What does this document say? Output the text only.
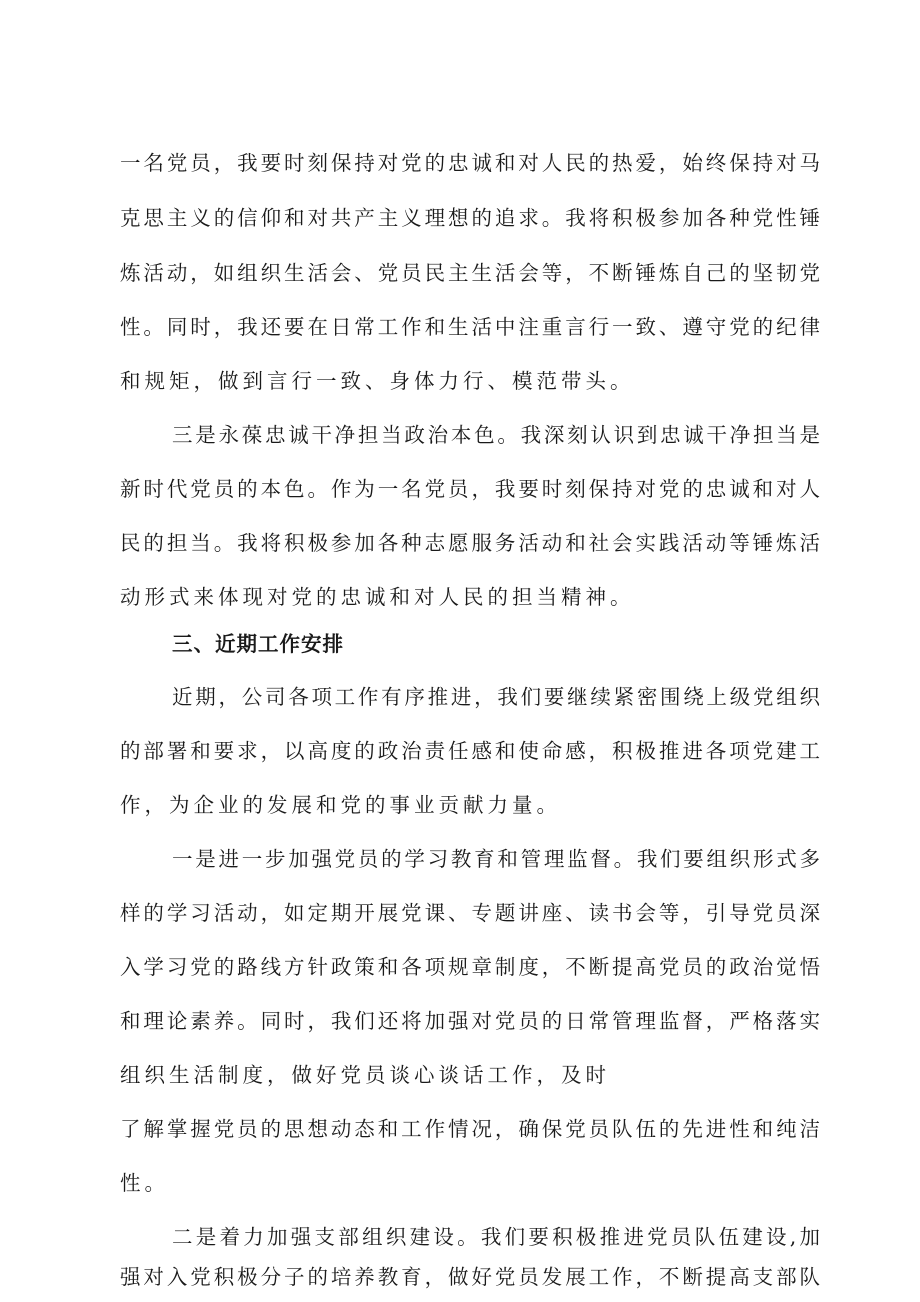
一名党员，我要时刻保持对党的忠诚和对人民的热爱，始终保持对马
克思主义的信仰和对共产主义理想的追求。我将积极参加各种党性锤
炼活动，如组织生活会、党员民主生活会等，不断锤炼自己的坚韧党
性。同时，我还要在日常工作和生活中注重言行一致、遵守党的纪律
和规矩，做到言行一致、身体力行、模范带头。
三是永葆忠诚干净担当政治本色。我深刻认识到忠诚干净担当是
新时代党员的本色。作为一名党员，我要时刻保持对党的忠诚和对人
民的担当。我将积极参加各种志愿服务活动和社会实践活动等锤炼活
动形式来体现对党的忠诚和对人民的担当精神。
三、近期工作安排
近期，公司各项工作有序推进，我们要继续紧密围绕上级党组织
的部署和要求，以高度的政治责任感和使命感，积极推进各项党建工
作，为企业的发展和党的事业贡献力量。
一是进一步加强党员的学习教育和管理监督。我们要组织形式多
样的学习活动，如定期开展党课、专题讲座、读书会等，引导党员深
入学习党的路线方针政策和各项规章制度，不断提高党员的政治觉悟
和理论素养。同时，我们还将加强对党员的日常管理监督，严格落实
组织生活制度，做好党员谈心谈话工作，及时
了解掌握党员的思想动态和工作情况，确保党员队伍的先进性和纯洁
性。
二是着力加强支部组织建设。我们要积极推进党员队伍建设,加
强对入党积极分子的培养教育，做好党员发展工作，不断提高支部队
